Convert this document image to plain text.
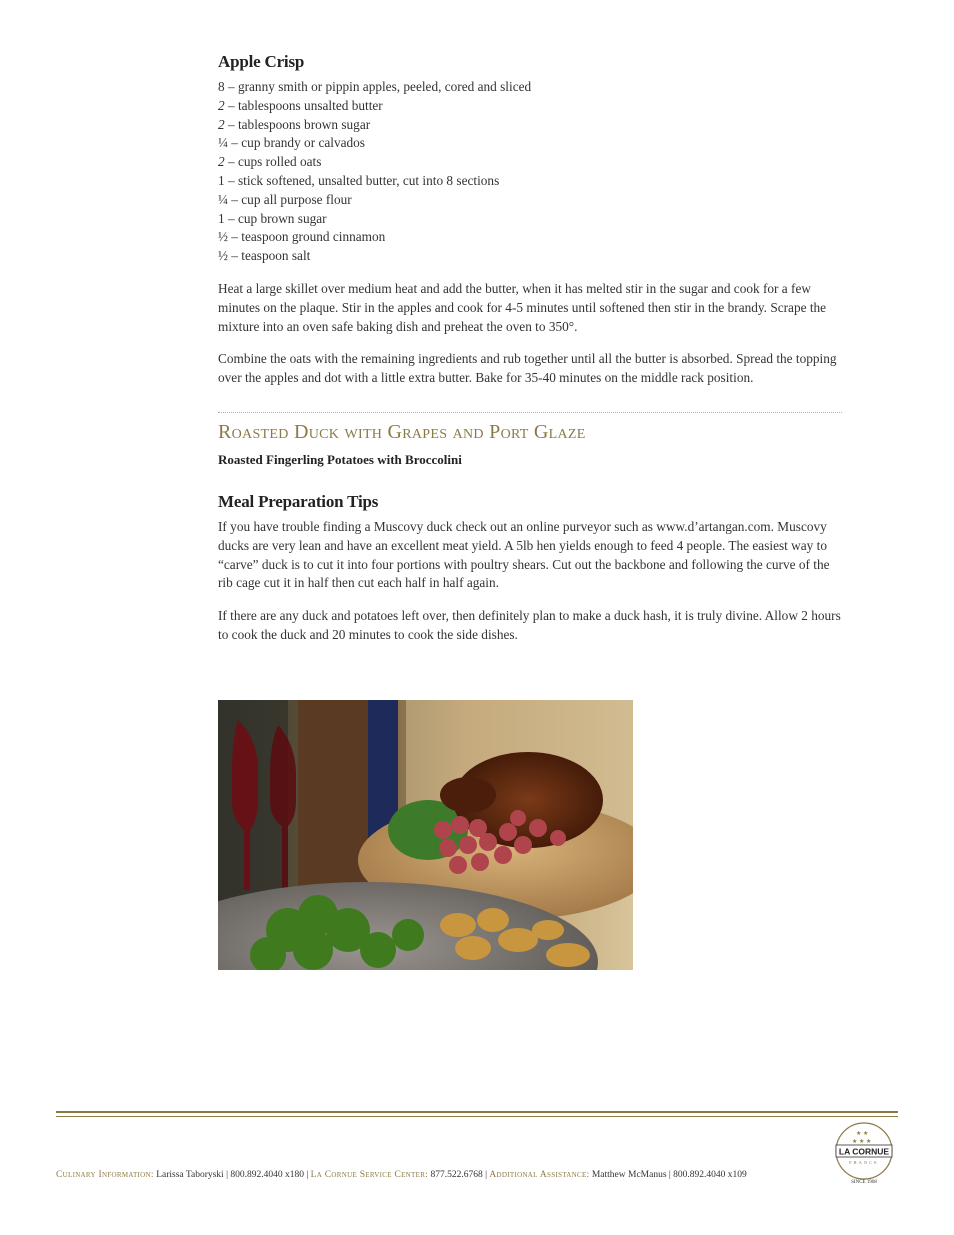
Apple Crisp
8 – granny smith or pippin apples, peeled, cored and sliced
2 – tablespoons unsalted butter
2 – tablespoons brown sugar
¼ – cup brandy or calvados
2 – cups rolled oats
1 – stick softened, unsalted butter, cut into 8 sections
¼ – cup all purpose flour
1 – cup brown sugar
½ – teaspoon ground cinnamon
½ – teaspoon salt

Heat a large skillet over medium heat and add the butter, when it has melted stir in the sugar and cook for a few minutes on the plaque. Stir in the apples and cook for 4-5 minutes until softened then stir in the brandy. Scrape the mixture into an oven safe baking dish and preheat the oven to 350°.

Combine the oats with the remaining ingredients and rub together until all the butter is absorbed. Spread the topping over the apples and dot with a little extra butter. Bake for 35-40 minutes on the middle rack position.

Roasted Duck with Grapes and Port Glaze

Roasted Fingerling Potatoes with Broccolini

Meal Preparation Tips

If you have trouble finding a Muscovy duck check out an online purveyor such as www.d’artangan.com. Muscovy ducks are very lean and have an excellent meat yield. A 5lb hen yields enough to feed 4 people. The easiest way to “carve” duck is to cut it into four portions with poultry shears. Cut out the backbone and following the curve of the rib cage cut it in half then cut each half in half again.

If there are any duck and potatoes left over, then definitely plan to make a duck hash, it is truly divine. Allow 2 hours to cook the duck and 20 minutes to cook the side dishes.

Culinary Information: Larissa Taboryski | 800.892.4040 x180 | La Cornue Service Center: 877.522.6768 | Additional Assistance: Matthew McManus | 800.892.4040 x109
★ ★
★ ★ ★
LA CORNUE
FRANCE
SINCE 1908
